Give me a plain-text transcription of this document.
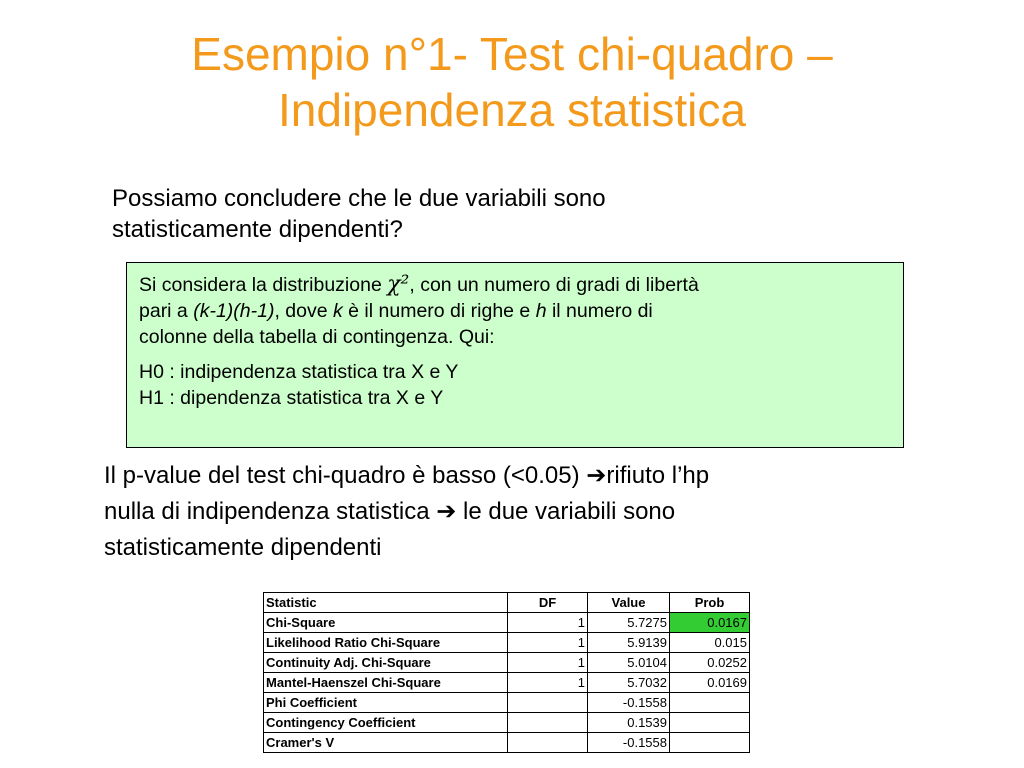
Esempio n°1- Test chi-quadro –
Indipendenza statistica
Possiamo concludere che le due variabili sono
statisticamente dipendenti?

Si considera la distribuzione χ², con un numero di gradi di libertà
pari a (k-1)(h-1), dove k è il numero di righe e h il numero di
colonne della tabella di contingenza. Qui:

H0 : indipendenza statistica tra X e Y

H1 : dipendenza statistica tra X e Y

Il p-value del test chi-quadro è basso (<0.05) ➔rifiuto l’hp
nulla di indipendenza statistica ➔ le due variabili sono
statisticamente dipendenti
Statistic	DF	Value	Prob
Chi-Square	1	5.7275	0.0167
Likelihood Ratio Chi-Square	1	5.9139	0.015
Continuity Adj. Chi-Square	1	5.0104	0.0252
Mantel-Haenszel Chi-Square	1	5.7032	0.0169
Phi Coefficient		-0.1558	
Contingency Coefficient		0.1539	
Cramer's V		-0.1558	
